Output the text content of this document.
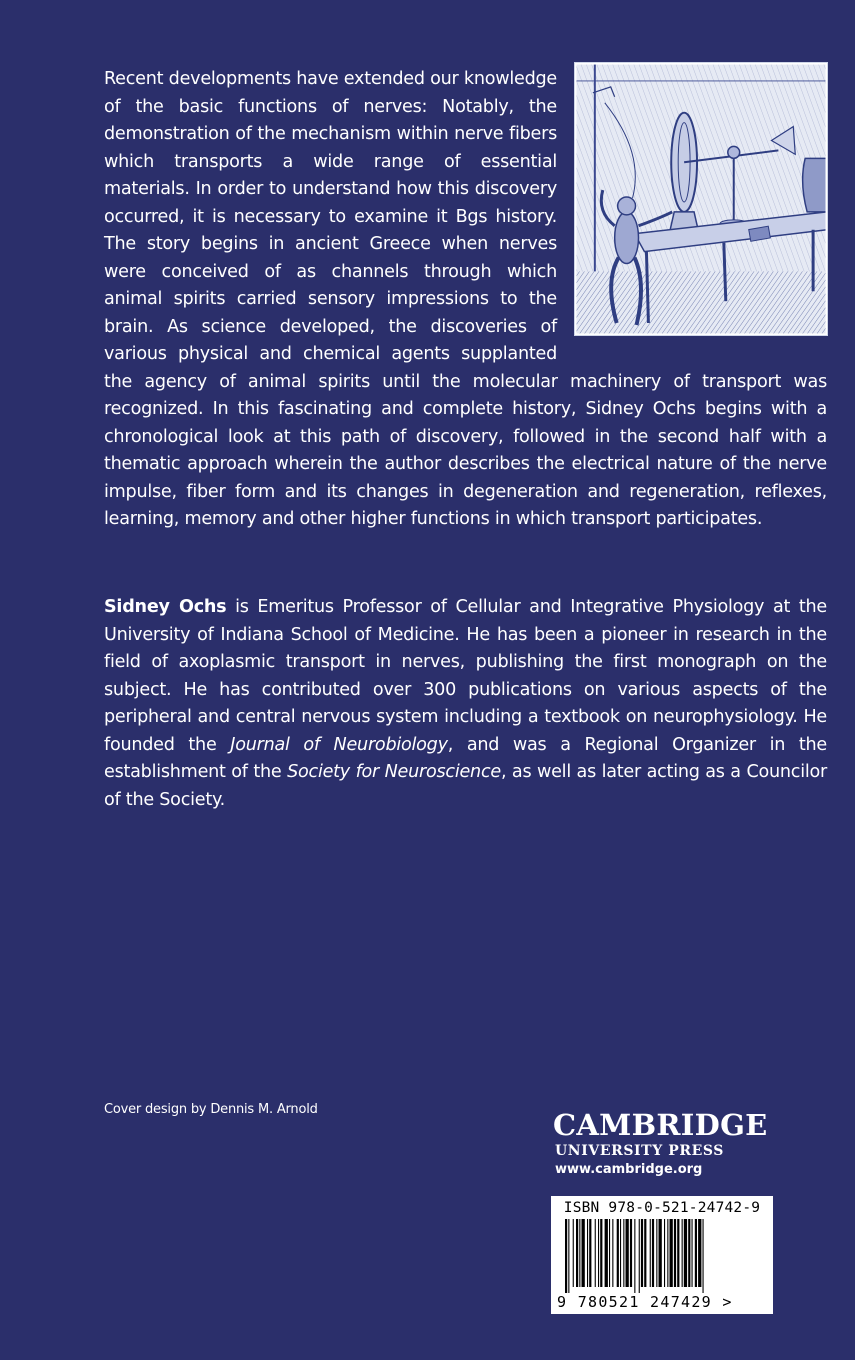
Recent developments have extended our knowledge of the basic functions of nerves: Notably, the demonstration of the mechanism within nerve fibers which transports a wide range of essential materials. In order to understand how this discovery occurred, it is necessary to examine it Bgs history. The story begins in ancient Greece when nerves were conceived of as channels through which animal spirits carried sensory impressions to the brain. As science developed, the discoveries of various physical and chemical agents supplanted the agency of animal spirits until the molecular machinery of transport was recognized. In this fascinating and complete history, Sidney Ochs begins with a chronological look at this path of discovery, followed in the second half with a thematic approach wherein the author describes the electrical nature of the nerve impulse, fiber form and its changes in degeneration and regeneration, reflexes, learning, memory and other higher functions in which transport participates.

Sidney Ochs is Emeritus Professor of Cellular and Integrative Physiology at the University of Indiana School of Medicine. He has been a pioneer in research in the field of axoplasmic transport in nerves, publishing the first monograph on the subject. He has contributed over 300 publications on various aspects of the peripheral and central nervous system including a textbook on neurophysiology. He founded the Journal of Neurobiology, and was a Regional Organizer in the establishment of the Society for Neuroscience, as well as later acting as a Councilor of the Society.

Cover design by Dennis M. Arnold	CAMBRIDGE
UNIVERSITY PRESS
www.cambridge.org
ISBN 978-0-521-24742-9
9 780521 247429 >
